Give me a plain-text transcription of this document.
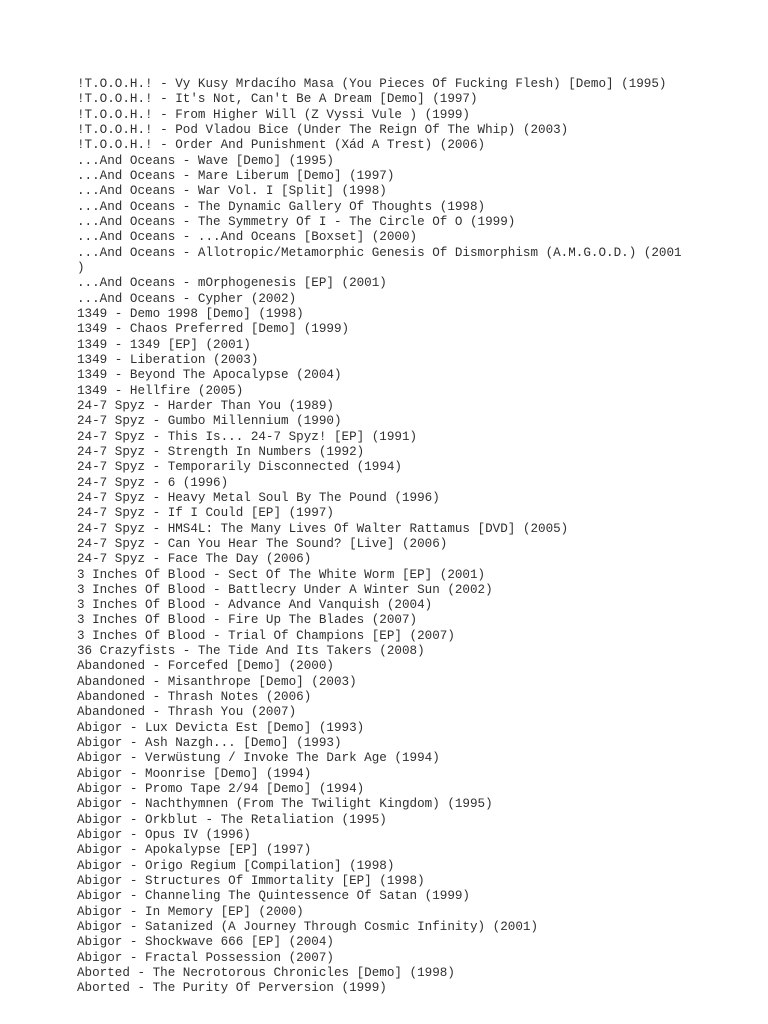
!T.O.O.H.! - Vy Kusy Mrdacího Masa (You Pieces Of Fucking Flesh) [Demo] (1995)
!T.O.O.H.! - It's Not, Can't Be A Dream [Demo] (1997)
!T.O.O.H.! - From Higher Will (Z Vyssi Vule ) (1999)
!T.O.O.H.! - Pod Vladou Bice (Under The Reign Of The Whip) (2003)
!T.O.O.H.! - Order And Punishment (Xád A Trest) (2006)
...And Oceans - Wave [Demo] (1995)
...And Oceans - Mare Liberum [Demo] (1997)
...And Oceans - War Vol. I [Split] (1998)
...And Oceans - The Dynamic Gallery Of Thoughts (1998)
...And Oceans - The Symmetry Of I - The Circle Of O (1999)
...And Oceans - ...And Oceans [Boxset] (2000)
...And Oceans - Allotropic/Metamorphic Genesis Of Dismorphism (A.M.G.O.D.) (2001
)
...And Oceans - mOrphogenesis [EP] (2001)
...And Oceans - Cypher (2002)
1349 - Demo 1998 [Demo] (1998)
1349 - Chaos Preferred [Demo] (1999)
1349 - 1349 [EP] (2001)
1349 - Liberation (2003)
1349 - Beyond The Apocalypse (2004)
1349 - Hellfire (2005)
24-7 Spyz - Harder Than You (1989)
24-7 Spyz - Gumbo Millennium (1990)
24-7 Spyz - This Is... 24-7 Spyz! [EP] (1991)
24-7 Spyz - Strength In Numbers (1992)
24-7 Spyz - Temporarily Disconnected (1994)
24-7 Spyz - 6 (1996)
24-7 Spyz - Heavy Metal Soul By The Pound (1996)
24-7 Spyz - If I Could [EP] (1997)
24-7 Spyz - HMS4L: The Many Lives Of Walter Rattamus [DVD] (2005)
24-7 Spyz - Can You Hear The Sound? [Live] (2006)
24-7 Spyz - Face The Day (2006)
3 Inches Of Blood - Sect Of The White Worm [EP] (2001)
3 Inches Of Blood - Battlecry Under A Winter Sun (2002)
3 Inches Of Blood - Advance And Vanquish (2004)
3 Inches Of Blood - Fire Up The Blades (2007)
3 Inches Of Blood - Trial Of Champions [EP] (2007)
36 Crazyfists - The Tide And Its Takers (2008)
Abandoned - Forcefed [Demo] (2000)
Abandoned - Misanthrope [Demo] (2003)
Abandoned - Thrash Notes (2006)
Abandoned - Thrash You (2007)
Abigor - Lux Devicta Est [Demo] (1993)
Abigor - Ash Nazgh... [Demo] (1993)
Abigor - Verwüstung / Invoke The Dark Age (1994)
Abigor - Moonrise [Demo] (1994)
Abigor - Promo Tape 2/94 [Demo] (1994)
Abigor - Nachthymnen (From The Twilight Kingdom) (1995)
Abigor - Orkblut - The Retaliation (1995)
Abigor - Opus IV (1996)
Abigor - Apokalypse [EP] (1997)
Abigor - Origo Regium [Compilation] (1998)
Abigor - Structures Of Immortality [EP] (1998)
Abigor - Channeling The Quintessence Of Satan (1999)
Abigor - In Memory [EP] (2000)
Abigor - Satanized (A Journey Through Cosmic Infinity) (2001)
Abigor - Shockwave 666 [EP] (2004)
Abigor - Fractal Possession (2007)
Aborted - The Necrotorous Chronicles [Demo] (1998)
Aborted - The Purity Of Perversion (1999)
